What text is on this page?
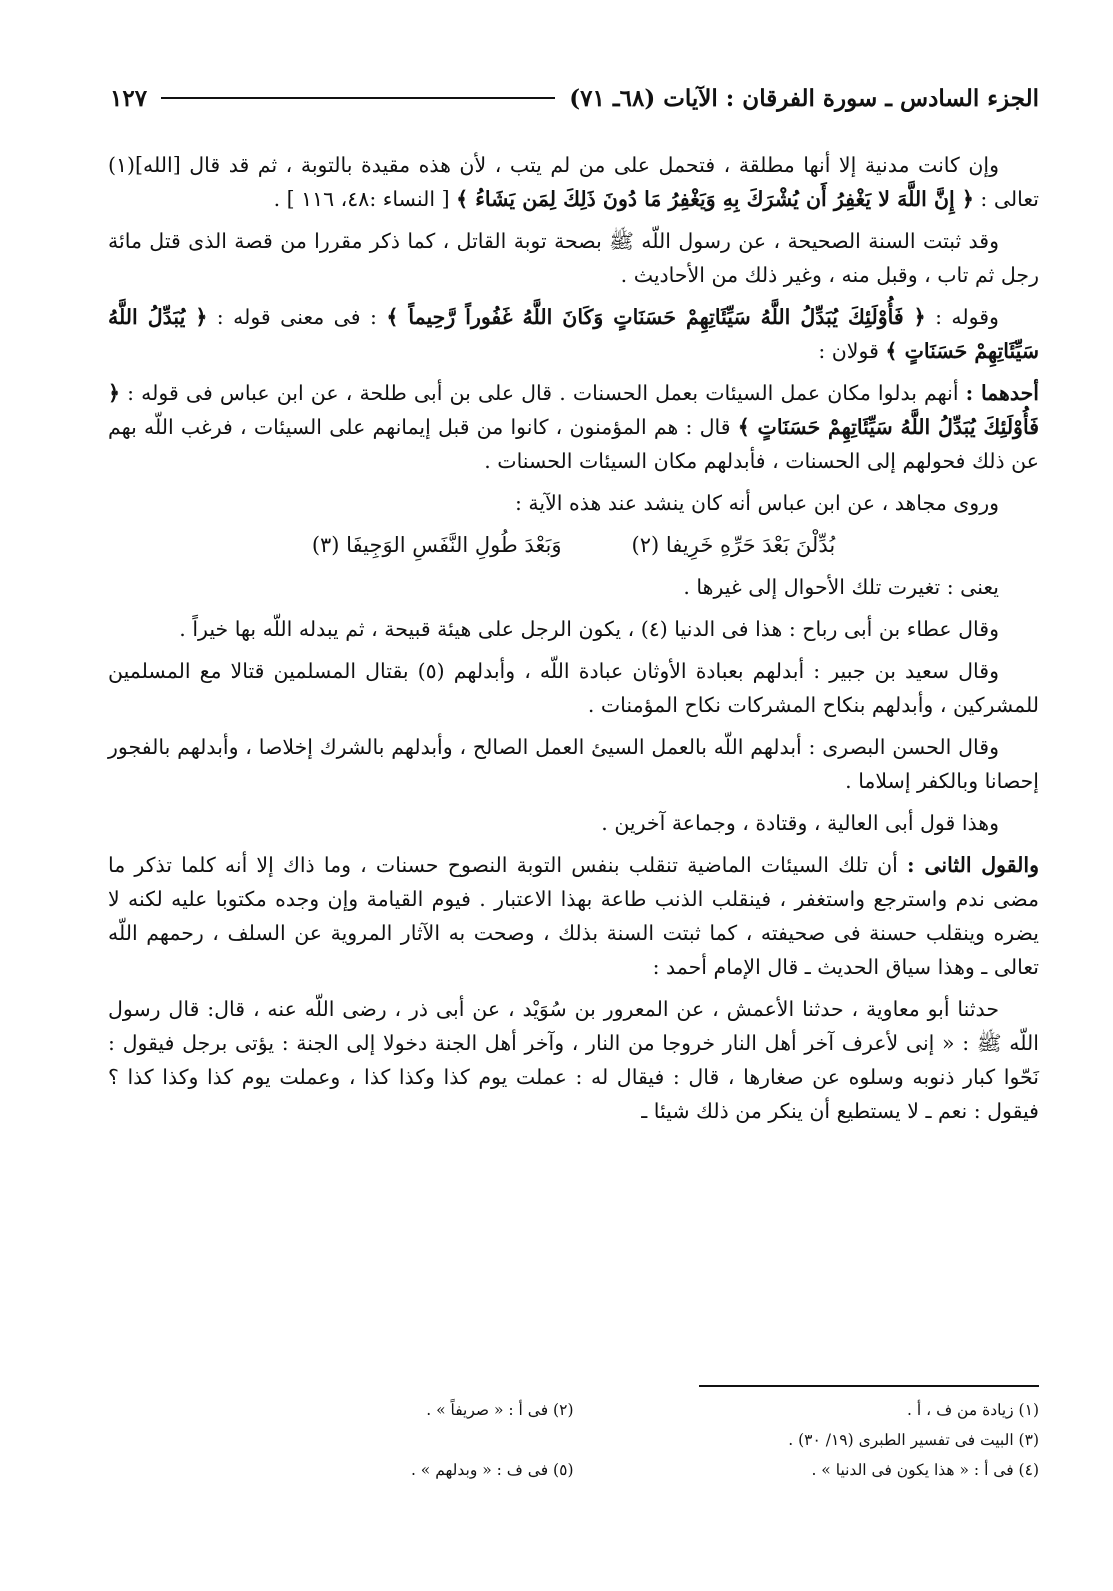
الجزء السادس ـ سورة الفرقان : الآيات (٦٨ـ ٧١)
١٢٧

وإن كانت مدنية إلا أنها مطلقة ، فتحمل على من لم يتب ، لأن هذه مقيدة بالتوبة ، ثم قد قال [الله](١) تعالى : ﴿ إِنَّ اللَّهَ لا يَغْفِرُ أَن يُشْرَكَ بِهِ وَيَغْفِرُ مَا دُونَ ذَلِكَ لِمَن يَشَاءُ ﴾ [ النساء :٤٨، ١١٦ ] .

وقد ثبتت السنة الصحيحة ، عن رسول اللّه ﷺ بصحة توبة القاتل ، كما ذكر مقررا من قصة الذى قتل مائة رجل ثم تاب ، وقبل منه ، وغير ذلك من الأحاديث .

وقوله : ﴿ فَأُوْلَئِكَ يُبَدِّلُ اللَّهُ سَيِّئَاتِهِمْ حَسَنَاتٍ وَكَانَ اللَّهُ غَفُوراً رَّحِيماً ﴾ : فى معنى قوله : ﴿ يُبَدِّلُ اللَّهُ سَيِّئَاتِهِمْ حَسَنَاتٍ ﴾ قولان :

أحدهما : أنهم بدلوا مكان عمل السيئات بعمل الحسنات . قال على بن أبى طلحة ، عن ابن عباس فى قوله : ﴿ فَأُوْلَئِكَ يُبَدِّلُ اللَّهُ سَيِّئَاتِهِمْ حَسَنَاتٍ ﴾ قال : هم المؤمنون ، كانوا من قبل إيمانهم على السيئات ، فرغب اللّه بهم عن ذلك فحولهم إلى الحسنات ، فأبدلهم مكان السيئات الحسنات .

وروى مجاهد ، عن ابن عباس أنه كان ينشد عند هذه الآية :

بُدِّلْنَ بَعْدَ حَرِّهِ خَرِيفا (٢)
وَبَعْدَ طُولِ النَّفَسِ الوَجِيفَا (٣)

يعنى : تغيرت تلك الأحوال إلى غيرها .

وقال عطاء بن أبى رباح : هذا فى الدنيا (٤) ، يكون الرجل على هيئة قبيحة ، ثم يبدله اللّه بها خيراً .

وقال سعيد بن جبير : أبدلهم بعبادة الأوثان عبادة اللّه ، وأبدلهم (٥) بقتال المسلمين قتالا مع المسلمين للمشركين ، وأبدلهم بنكاح المشركات نكاح المؤمنات .

وقال الحسن البصرى : أبدلهم اللّه بالعمل السيئ العمل الصالح ، وأبدلهم بالشرك إخلاصا ، وأبدلهم بالفجور إحصانا وبالكفر إسلاما .

وهذا قول أبى العالية ، وقتادة ، وجماعة آخرين .

والقول الثانى : أن تلك السيئات الماضية تنقلب بنفس التوبة النصوح حسنات ، وما ذاك إلا أنه كلما تذكر ما مضى ندم واسترجع واستغفر ، فينقلب الذنب طاعة بهذا الاعتبار . فيوم القيامة وإن وجده مكتوبا عليه لكنه لا يضره وينقلب حسنة فى صحيفته ، كما ثبتت السنة بذلك ، وصحت به الآثار المروية عن السلف ، رحمهم اللّه تعالى ـ وهذا سياق الحديث ـ قال الإمام أحمد :

حدثنا أبو معاوية ، حدثنا الأعمش ، عن المعرور بن سُوَيْد ، عن أبى ذر ، رضى اللّه عنه ، قال: قال رسول اللّه ﷺ : « إنى لأعرف آخر أهل النار خروجا من النار ، وآخر أهل الجنة دخولا إلى الجنة : يؤتى برجل فيقول : نَحّوا كبار ذنوبه وسلوه عن صغارها ، قال : فيقال له : عملت يوم كذا وكذا كذا ، وعملت يوم كذا وكذا كذا ؟ فيقول : نعم ـ لا يستطيع أن ينكر من ذلك شيئا ـ

(١) زيادة من ف ، أ .
(٢) فى أ : « صريفاً » .
(٣) البيت فى تفسير الطبرى (١٩/ ٣٠) .
(٤) فى أ : « هذا يكون فى الدنيا » .
(٥) فى ف : « وبدلهم » .
